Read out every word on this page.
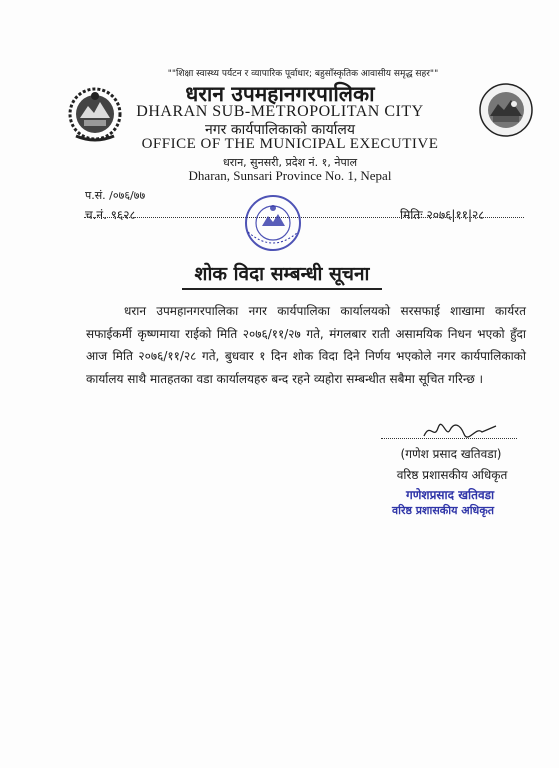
""शिक्षा स्वास्थ्य पर्यटन र व्यापारिक पूर्वाधार; बहुसाँस्कृतिक आवासीय समृद्ध सहर""
धरान उपमहानगरपालिका
DHARAN SUB-METROPOLITAN CITY
नगर कार्यपालिकाको कार्यालय
OFFICE OF THE MUNICIPAL EXECUTIVE
धरान, सुनसरी, प्रदेश नं. १, नेपाल
Dharan, Sunsari Province No. 1, Nepal
प.सं. /०७६/७७
च.नं. ९६२८	मितिः २०७६|११|२८
शोक विदा सम्बन्धी सूचना
धरान उपमहानगरपालिका नगर कार्यपालिका कार्यालयको सरसफाई शाखामा कार्यरत सफाईकर्मी कृष्णमाया राईको मिति २०७६/११/२७ गते, मंगलबार राती असामयिक निधन भएको हुँदा आज मिति २०७६/११/२८ गते, बुधवार १ दिन शोक विदा दिने निर्णय भएकोले नगर कार्यपालिकाको कार्यालय साथै मातहतका वडा कार्यालयहरु बन्द रहने व्यहोरा सम्बन्धीत सबैमा सूचित गरिन्छ ।
(गणेश प्रसाद खतिवडा)
वरिष्ठ प्रशासकीय अधिकृत
गणेशप्रसाद खतिवडा
वरिष्ठ प्रशासकीय अधिकृत
